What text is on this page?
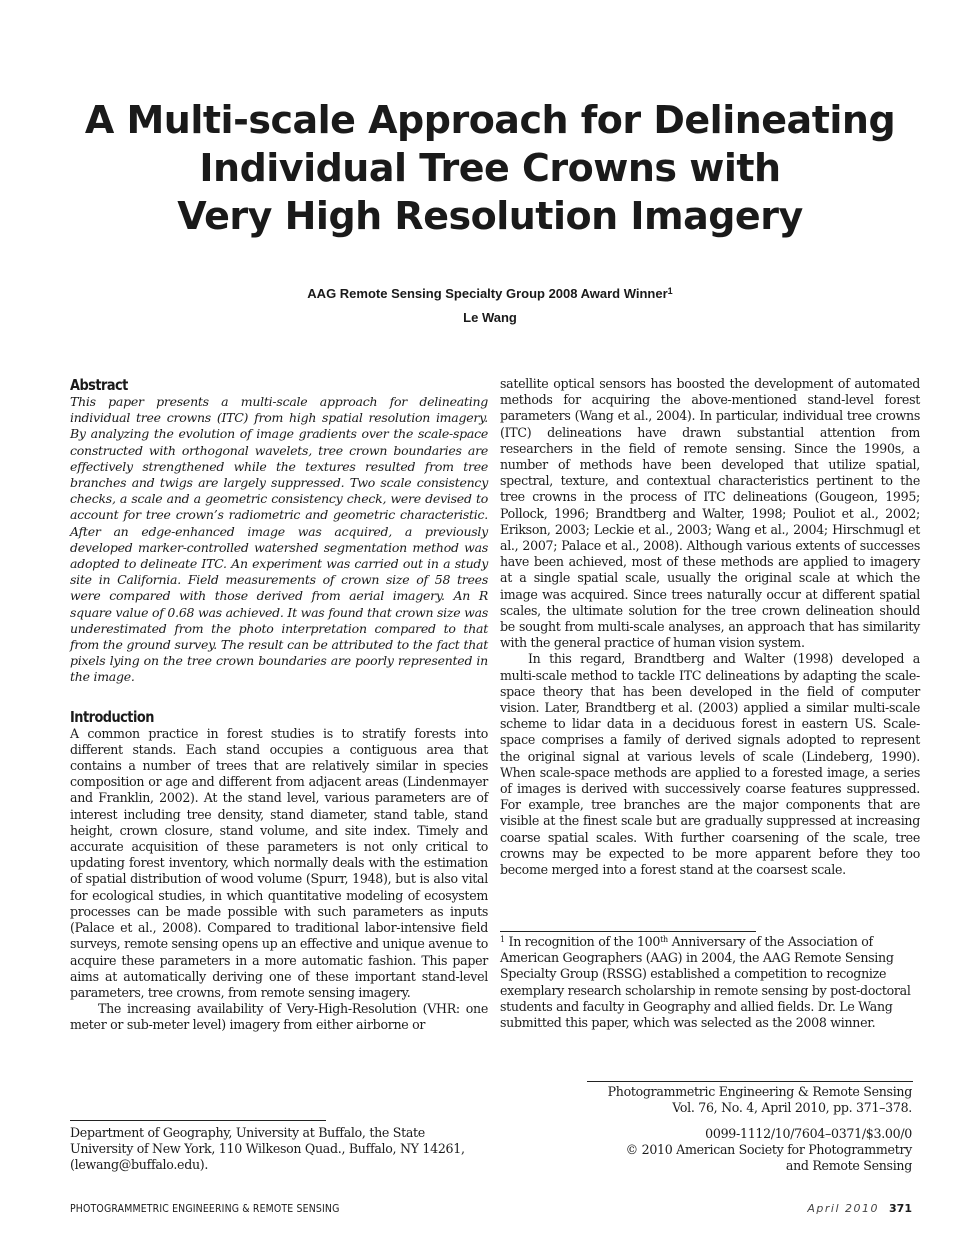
A Multi-scale Approach for Delineating
Individual Tree Crowns with
Very High Resolution Imagery
AAG Remote Sensing Specialty Group 2008 Award Winner$^1$
Le Wang
Abstract

This paper presents a multi-scale approach for delineating individual tree crowns (ITC) from high spatial resolution imagery. By analyzing the evolution of image gradients over the scale-space constructed with orthogonal wavelets, tree crown boundaries are effectively strengthened while the textures resulted from tree branches and twigs are largely suppressed. Two scale consistency checks, a scale and a geometric consistency check, were devised to account for tree crown’s radiometric and geometric characteristic. After an edge-enhanced image was acquired, a previously developed marker-controlled watershed segmentation method was adopted to delineate ITC. An experiment was carried out in a study site in California. Field measurements of crown size of 58 trees were compared with those derived from aerial imagery. An R square value of 0.68 was achieved. It was found that crown size was underestimated from the photo interpretation compared to that from the ground survey. The result can be attributed to the fact that pixels lying on the tree crown boundaries are poorly represented in the image.

Introduction

A common practice in forest studies is to stratify forests into different stands. Each stand occupies a contiguous area that contains a number of trees that are relatively similar in species composition or age and different from adjacent areas (Lindenmayer and Franklin, 2002). At the stand level, various parameters are of interest including tree density, stand diameter, stand table, stand height, crown closure, stand volume, and site index. Timely and accurate acquisition of these parameters is not only critical to updating forest inventory, which normally deals with the estimation of spatial distribution of wood volume (Spurr, 1948), but is also vital for ecological studies, in which quantitative modeling of ecosystem processes can be made possible with such parameters as inputs (Palace et al., 2008). Compared to traditional labor-intensive field surveys, remote sensing opens up an effective and unique avenue to acquire these parameters in a more automatic fashion. This paper aims at automatically deriving one of these important stand-level parameters, tree crowns, from remote sensing imagery.

The increasing availability of Very-High-Resolution (VHR: one meter or sub-meter level) imagery from either airborne or

satellite optical sensors has boosted the development of automated methods for acquiring the above-mentioned stand-level forest parameters (Wang et al., 2004). In particular, individual tree crowns (ITC) delineations have drawn substantial attention from researchers in the field of remote sensing. Since the 1990s, a number of methods have been developed that utilize spatial, spectral, texture, and contextual characteristics pertinent to the tree crowns in the process of ITC delineations (Gougeon, 1995; Pollock, 1996; Brandtberg and Walter, 1998; Pouliot et al., 2002; Erikson, 2003; Leckie et al., 2003; Wang et al., 2004; Hirschmugl et al., 2007; Palace et al., 2008). Although various extents of successes have been achieved, most of these methods are applied to imagery at a single spatial scale, usually the original scale at which the image was acquired. Since trees naturally occur at different spatial scales, the ultimate solution for the tree crown delineation should be sought from multi-scale analyses, an approach that has similarity with the general practice of human vision system.

In this regard, Brandtberg and Walter (1998) developed a multi-scale method to tackle ITC delineations by adapting the scale-space theory that has been developed in the field of computer vision. Later, Brandtberg et al. (2003) applied a similar multi-scale scheme to lidar data in a deciduous forest in eastern US. Scale-space comprises a family of derived signals adopted to represent the original signal at various levels of scale (Lindeberg, 1990). When scale-space methods are applied to a forested image, a series of images is derived with successively coarse features suppressed. For example, tree branches are the major components that are visible at the finest scale but are gradually suppressed at increasing coarse spatial scales. With further coarsening of the scale, tree crowns may be expected to be more apparent before they too become merged into a forest stand at the coarsest scale.

$^1$ In recognition of the 100th Anniversary of the Association of American Geographers (AAG) in 2004, the AAG Remote Sensing Specialty Group (RSSG) established a competition to recognize exemplary research scholarship in remote sensing by post-doctoral students and faculty in Geography and allied fields. Dr. Le Wang submitted this paper, which was selected as the 2008 winner.
Photogrammetric Engineering & Remote Sensing
Vol. 76, No. 4, April 2010, pp. 371–378.
0099-1112/10/7604–0371/$3.00/0
© 2010 American Society for Photogrammetry
and Remote Sensing
Department of Geography, University at Buffalo, the State University of New York, 110 Wilkeson Quad., Buffalo, NY 14261, (lewang@buffalo.edu).
PHOTOGRAMMETRIC ENGINEERING & REMOTE SENSING	April 2010 371
